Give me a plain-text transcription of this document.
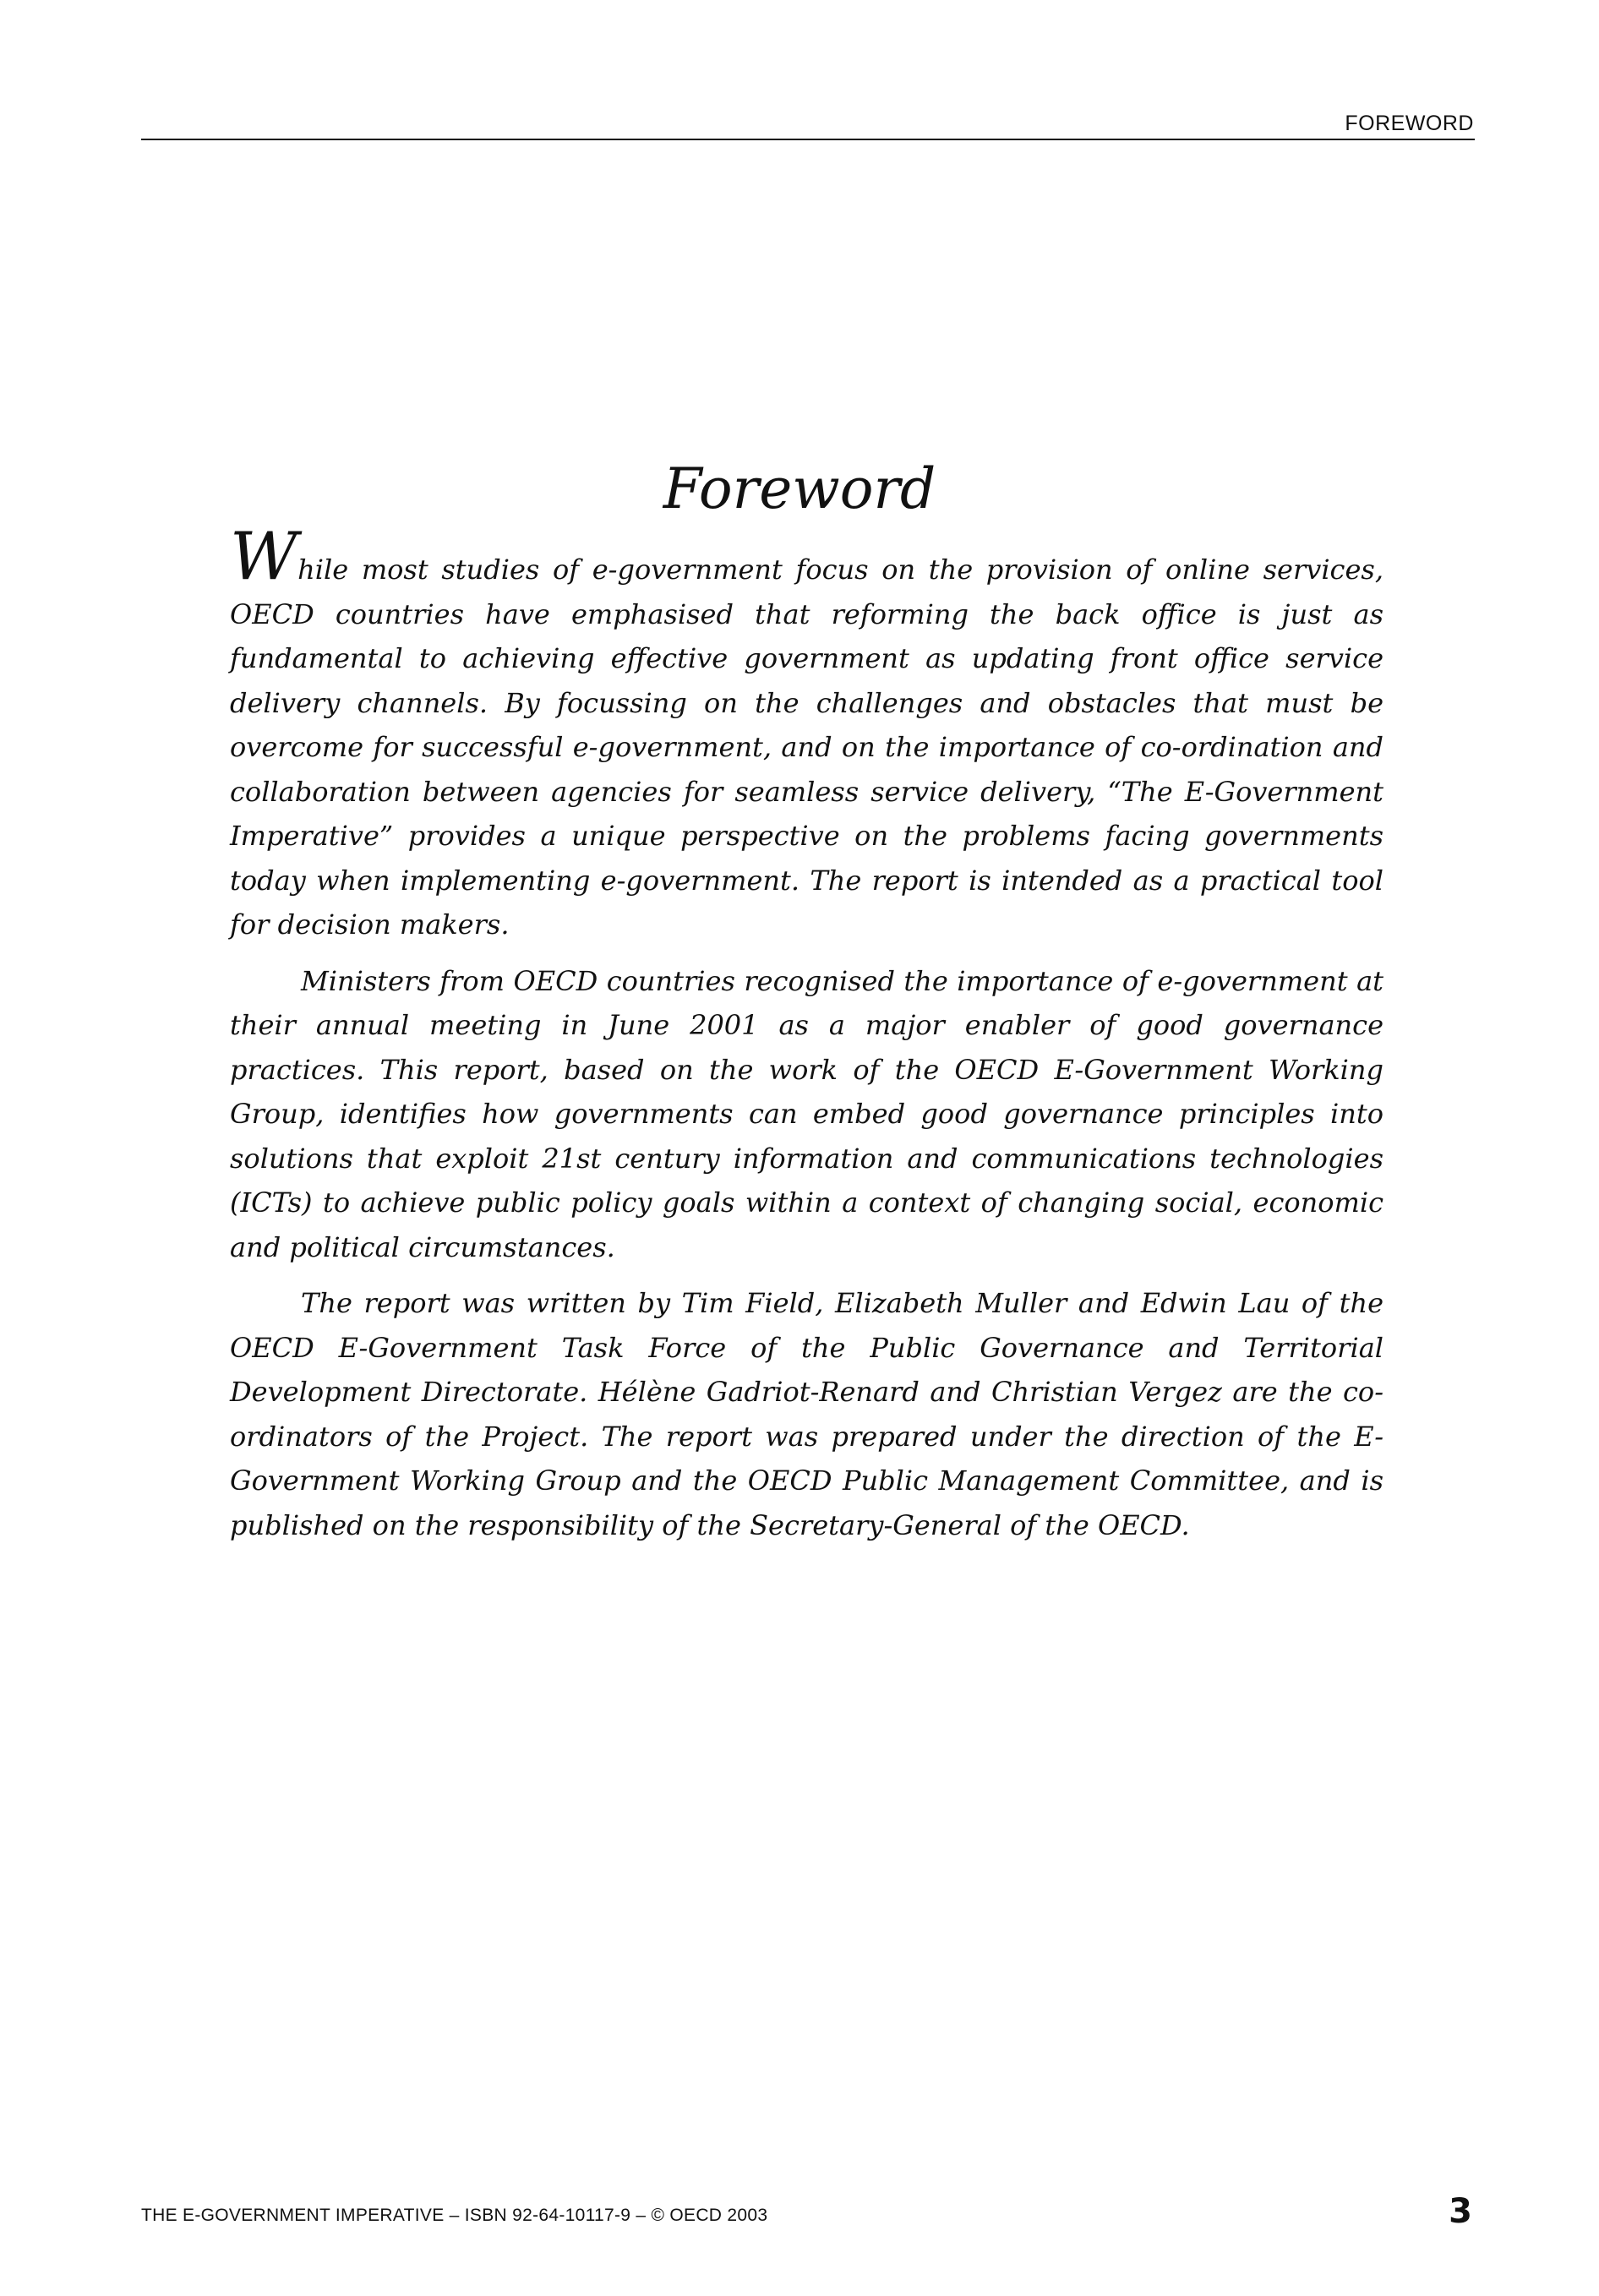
FOREWORD
Foreword

While most studies of e-government focus on the provision of online services, OECD countries have emphasised that reforming the back office is just as fundamental to achieving effective government as updating front office service delivery channels. By focussing on the challenges and obstacles that must be overcome for successful e-government, and on the importance of co-ordination and collaboration between agencies for seamless service delivery, “The E-Government Imperative” provides a unique perspective on the problems facing governments today when implementing e-government. The report is intended as a practical tool for decision makers.

Ministers from OECD countries recognised the importance of e-government at their annual meeting in June 2001 as a major enabler of good governance practices. This report, based on the work of the OECD E-Government Working Group, identifies how governments can embed good governance principles into solutions that exploit 21st century information and communications technologies (ICTs) to achieve public policy goals within a context of changing social, economic and political circumstances.

The report was written by Tim Field, Elizabeth Muller and Edwin Lau of the OECD E-Government Task Force of the Public Governance and Territorial Development Directorate. Hélène Gadriot-Renard and Christian Vergez are the co-ordinators of the Project. The report was prepared under the direction of the E-Government Working Group and the OECD Public Management Committee, and is published on the responsibility of the Secretary-General of the OECD.

THE E-GOVERNMENT IMPERATIVE – ISBN 92-64-10117-9 – © OECD 2003	3
